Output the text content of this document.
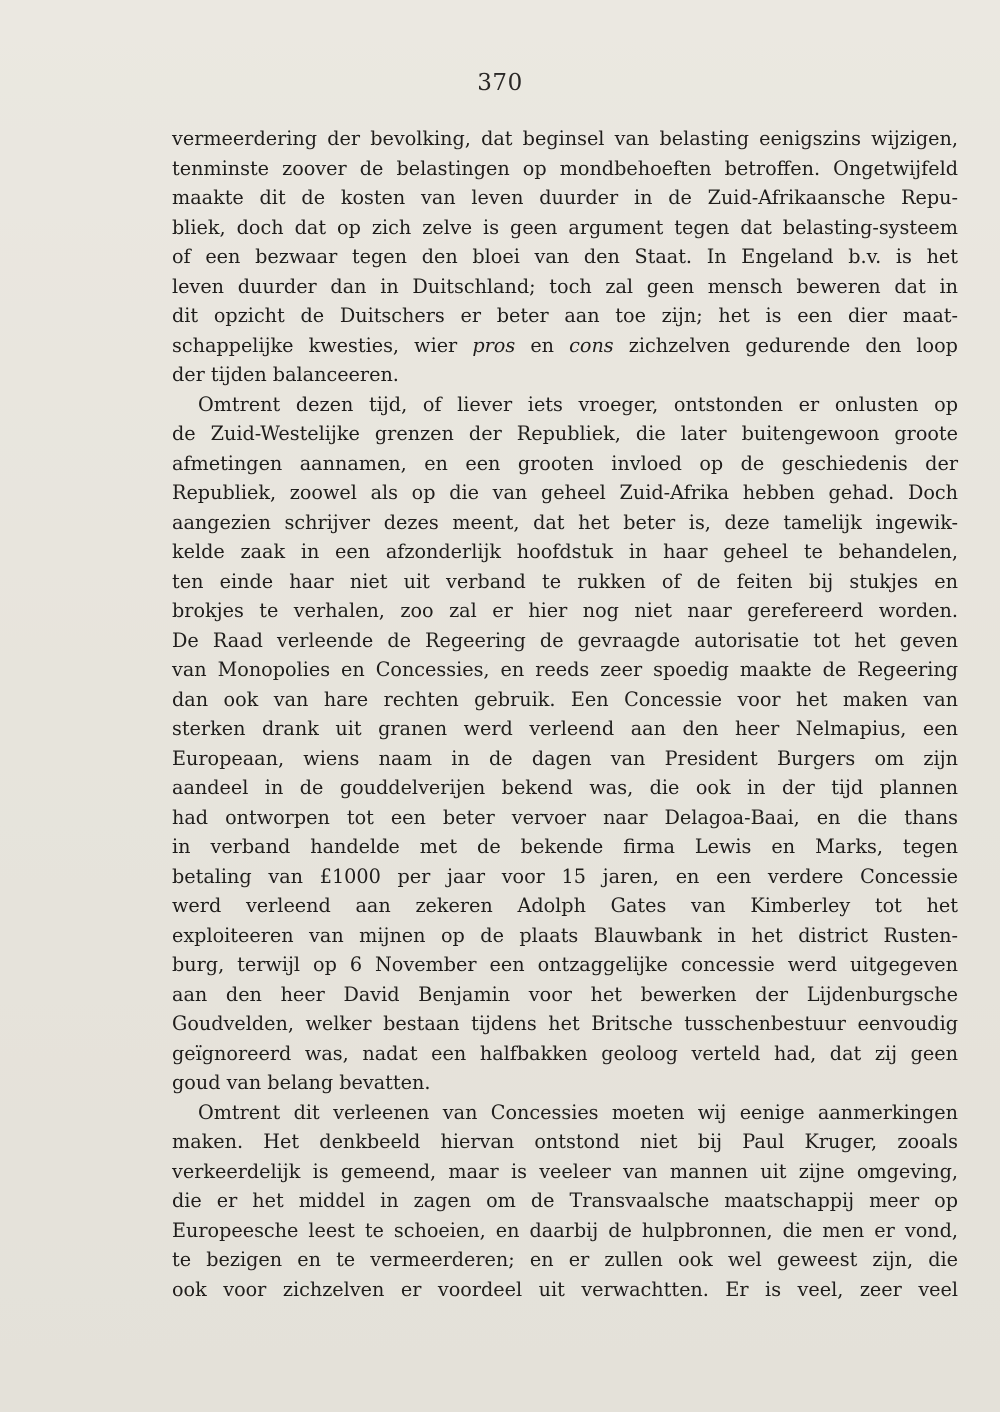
370
vermeerdering der bevolking, dat beginsel van belasting eenigszins wijzigen,
tenminste zoover de belastingen op mondbehoeften betroffen. Ongetwijfeld
maakte dit de kosten van leven duurder in de Zuid-Afrikaansche Repu-
bliek, doch dat op zich zelve is geen argument tegen dat belasting-systeem
of een bezwaar tegen den bloei van den Staat. In Engeland b.v. is het
leven duurder dan in Duitschland; toch zal geen mensch beweren dat in
dit opzicht de Duitschers er beter aan toe zijn; het is een dier maat-
schappelijke kwesties, wier pros en cons zichzelven gedurende den loop
der tijden balanceeren.
Omtrent dezen tijd, of liever iets vroeger, ontstonden er onlusten op
de Zuid-Westelijke grenzen der Republiek, die later buitengewoon groote
afmetingen aannamen, en een grooten invloed op de geschiedenis der
Republiek, zoowel als op die van geheel Zuid-Afrika hebben gehad. Doch
aangezien schrijver dezes meent, dat het beter is, deze tamelijk ingewik-
kelde zaak in een afzonderlijk hoofdstuk in haar geheel te behandelen,
ten einde haar niet uit verband te rukken of de feiten bij stukjes en
brokjes te verhalen, zoo zal er hier nog niet naar gerefereerd worden.
De Raad verleende de Regeering de gevraagde autorisatie tot het geven
van Monopolies en Concessies, en reeds zeer spoedig maakte de Regeering
dan ook van hare rechten gebruik. Een Concessie voor het maken van
sterken drank uit granen werd verleend aan den heer Nelmapius, een
Europeaan, wiens naam in de dagen van President Burgers om zijn
aandeel in de gouddelverijen bekend was, die ook in der tijd plannen
had ontworpen tot een beter vervoer naar Delagoa-Baai, en die thans
in verband handelde met de bekende firma Lewis en Marks, tegen
betaling van £1000 per jaar voor 15 jaren, en een verdere Concessie
werd verleend aan zekeren Adolph Gates van Kimberley tot het
exploiteeren van mijnen op de plaats Blauwbank in het district Rusten-
burg, terwijl op 6 November een ontzaggelijke concessie werd uitgegeven
aan den heer David Benjamin voor het bewerken der Lijdenburgsche
Goudvelden, welker bestaan tijdens het Britsche tusschenbestuur eenvoudig
geïgnoreerd was, nadat een halfbakken geoloog verteld had, dat zij geen
goud van belang bevatten.
Omtrent dit verleenen van Concessies moeten wij eenige aanmerkingen
maken. Het denkbeeld hiervan ontstond niet bij Paul Kruger, zooals
verkeerdelijk is gemeend, maar is veeleer van mannen uit zijne omgeving,
die er het middel in zagen om de Transvaalsche maatschappij meer op
Europeesche leest te schoeien, en daarbij de hulpbronnen, die men er vond,
te bezigen en te vermeerderen; en er zullen ook wel geweest zijn, die
ook voor zichzelven er voordeel uit verwachtten. Er is veel, zeer veel
